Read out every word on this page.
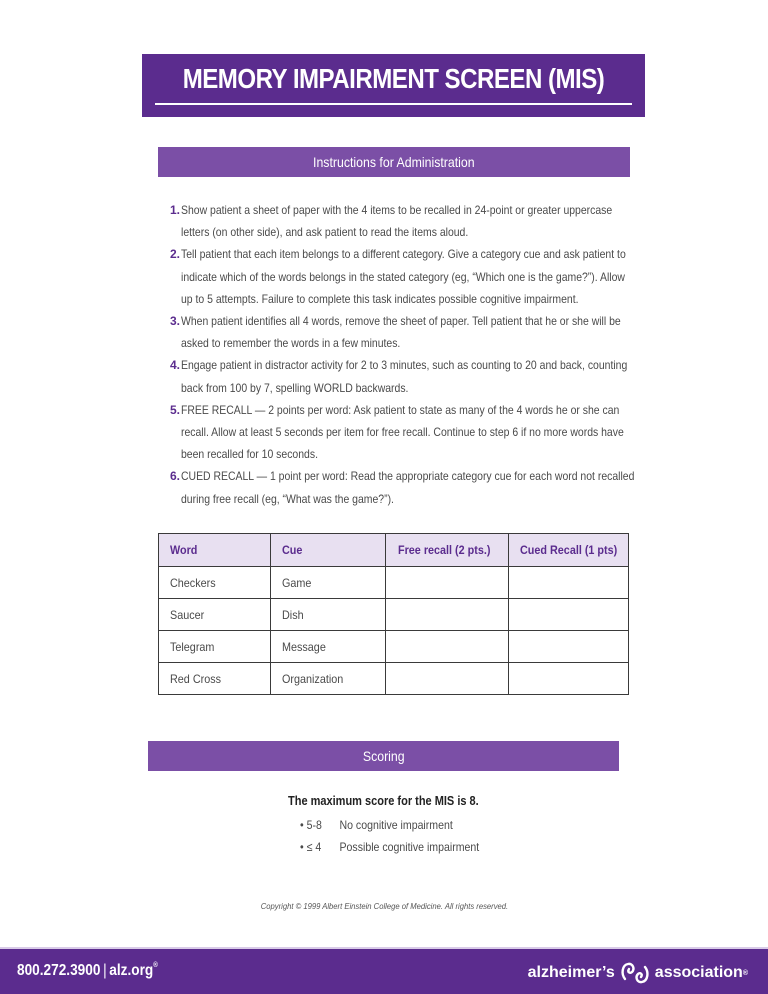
MEMORY IMPAIRMENT SCREEN (MIS)
Instructions for Administration
1. Show patient a sheet of paper with the 4 items to be recalled in 24-point or greater uppercase letters (on other side), and ask patient to read the items aloud.
2. Tell patient that each item belongs to a different category. Give a category cue and ask patient to indicate which of the words belongs in the stated category (eg, “Which one is the game?”). Allow up to 5 attempts. Failure to complete this task indicates possible cognitive impairment.
3. When patient identifies all 4 words, remove the sheet of paper. Tell patient that he or she will be asked to remember the words in a few minutes.
4. Engage patient in distractor activity for 2 to 3 minutes, such as counting to 20 and back, counting back from 100 by 7, spelling WORLD backwards.
5. FREE RECALL — 2 points per word: Ask patient to state as many of the 4 words he or she can recall. Allow at least 5 seconds per item for free recall. Continue to step 6 if no more words have been recalled for 10 seconds.
6. CUED RECALL — 1 point per word: Read the appropriate category cue for each word not recalled during free recall (eg, “What was the game?”).
Word	Cue	Free recall (2 pts.)	Cued Recall (1 pts)
Checkers	Game		
Saucer	Dish		
Telegram	Message		
Red Cross	Organization		
Scoring
The maximum score for the MIS is 8.
• 5-8 No cognitive impairment
• ≤ 4 Possible cognitive impairment
Copyright © 1999 Albert Einstein College of Medicine. All rights reserved.
800.272.3900 | alz.org®	alzheimer’s	association ®
